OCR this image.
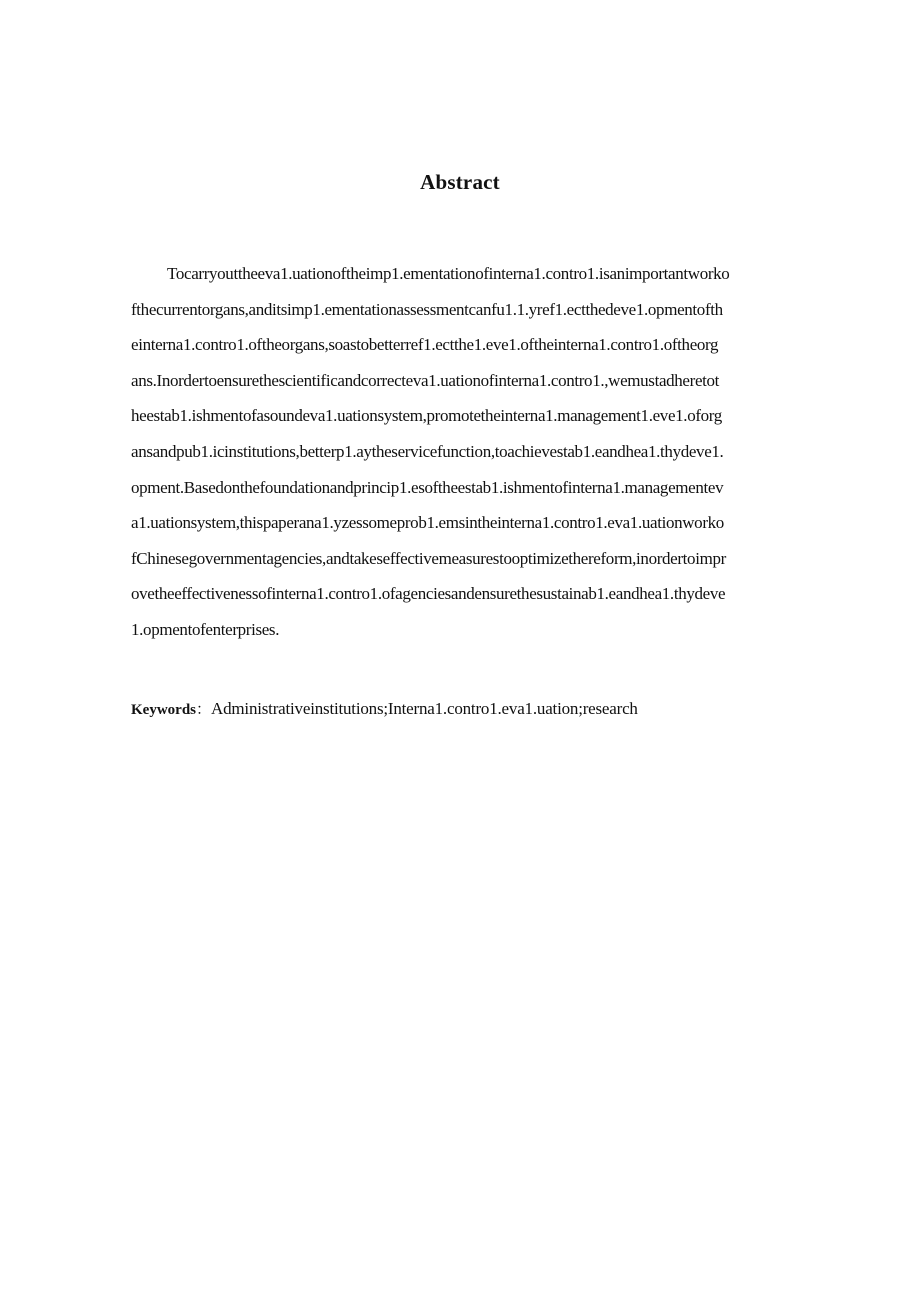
Abstract
Tocarryouttheeva1.uationoftheimp1.ementationofinterna1.contro1.isanimportantworko
fthecurrentorgans,anditsimp1.ementationassessmentcanfu1.1.yref1.ectthedeve1.opmentofth
einterna1.contro1.oftheorgans,soastobetterref1.ectthe1.eve1.oftheinterna1.contro1.oftheorg
ans.Inordertoensurethescientificandcorrecteva1.uationofinterna1.contro1.,wemustadheretot
heestab1.ishmentofasoundeva1.uationsystem,promotetheinterna1.management1.eve1.oforg
ansandpub1.icinstitutions,betterp1.aytheservicefunction,toachievestab1.eandhea1.thydeve1.
opment.Basedonthefoundationandprincip1.esoftheestab1.ishmentofinterna1.managementev
a1.uationsystem,thispaperana1.yzessomeprob1.emsintheinterna1.contro1.eva1.uationworko
fChinesegovernmentagencies,andtakeseffectivemeasurestooptimizethereform,inordertoimpr
ovetheeffectivenessofinterna1.contro1.ofagenciesandensurethesustainab1.eandhea1.thydeve
1.opmentofenterprises.
Keywords：Administrativeinstitutions;Interna1.contro1.eva1.uation;research
